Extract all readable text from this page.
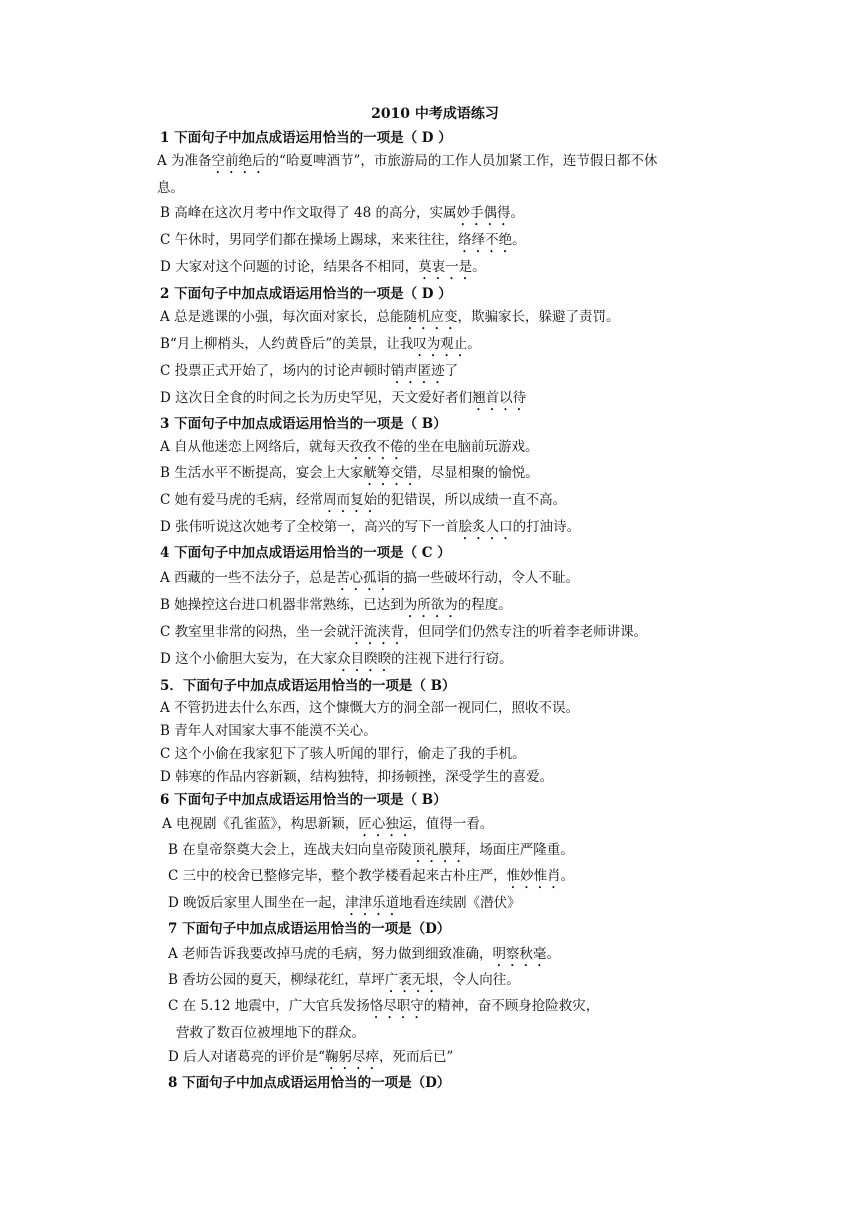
2010 中考成语练习
1 下面句子中加点成语运用恰当的一项是（ D ）
A 为准备空前绝后的“哈夏啤酒节”，市旅游局的工作人员加紧工作，连节假日都不休
息。
B 高峰在这次月考中作文取得了 48 的高分，实属妙手偶得。
C 午休时，男同学们都在操场上踢球，来来往往，络绎不绝。
D 大家对这个问题的讨论，结果各不相同，莫衷一是。
2 下面句子中加点成语运用恰当的一项是（ D ）
A 总是逃课的小强，每次面对家长，总能随机应变，欺骗家长，躲避了责罚。
B“月上柳梢头，人约黄昏后”的美景，让我叹为观止。
C 投票正式开始了，场内的讨论声顿时销声匿迹了
D 这次日全食的时间之长为历史罕见，天文爱好者们翘首以待
3 下面句子中加点成语运用恰当的一项是（ B）
A 自从他迷恋上网络后，就每天孜孜不倦的坐在电脑前玩游戏。
B 生活水平不断提高，宴会上大家觥筹交错，尽显相聚的愉悦。
C 她有爱马虎的毛病，经常周而复始的犯错误，所以成绩一直不高。
D 张伟听说这次她考了全校第一，高兴的写下一首脍炙人口的打油诗。
4 下面句子中加点成语运用恰当的一项是（ C ）
A 西藏的一些不法分子，总是苦心孤诣的搞一些破坏行动，令人不耻。
B 她操控这台进口机器非常熟练，已达到为所欲为的程度。
C 教室里非常的闷热，坐一会就汗流浃背，但同学们仍然专注的听着李老师讲课。
D 这个小偷胆大妄为，在大家众目睽睽的注视下进行行窃。
5．下面句子中加点成语运用恰当的一项是（ B）
A 不管扔进去什么东西，这个慷慨大方的洞全部一视同仁，照收不误。
B 青年人对国家大事不能漠不关心。
C 这个小偷在我家犯下了骇人听闻的罪行，偷走了我的手机。
D 韩寒的作品内容新颖，结构独特，抑扬顿挫，深受学生的喜爱。
6 下面句子中加点成语运用恰当的一项是（ B）
A 电视剧《孔雀蓝》，构思新颖，匠心独运，值得一看。
B 在皇帝祭奠大会上，连战夫妇向皇帝陵顶礼膜拜，场面庄严隆重。
C 三中的校舍已整修完毕，整个教学楼看起来古朴庄严，惟妙惟肖。
D 晚饭后家里人围坐在一起，津津乐道地看连续剧《潜伏》
7 下面句子中加点成语运用恰当的一项是（D）
A 老师告诉我要改掉马虎的毛病，努力做到细致准确，明察秋毫。
B 香坊公园的夏天，柳绿花红，草坪广袤无垠，令人向往。
C 在 5.12 地震中，广大官兵发扬恪尽职守的精神，奋不顾身抢险救灾，
营救了数百位被埋地下的群众。
D 后人对诸葛亮的评价是“鞠躬尽瘁，死而后已”
8 下面句子中加点成语运用恰当的一项是（D）
